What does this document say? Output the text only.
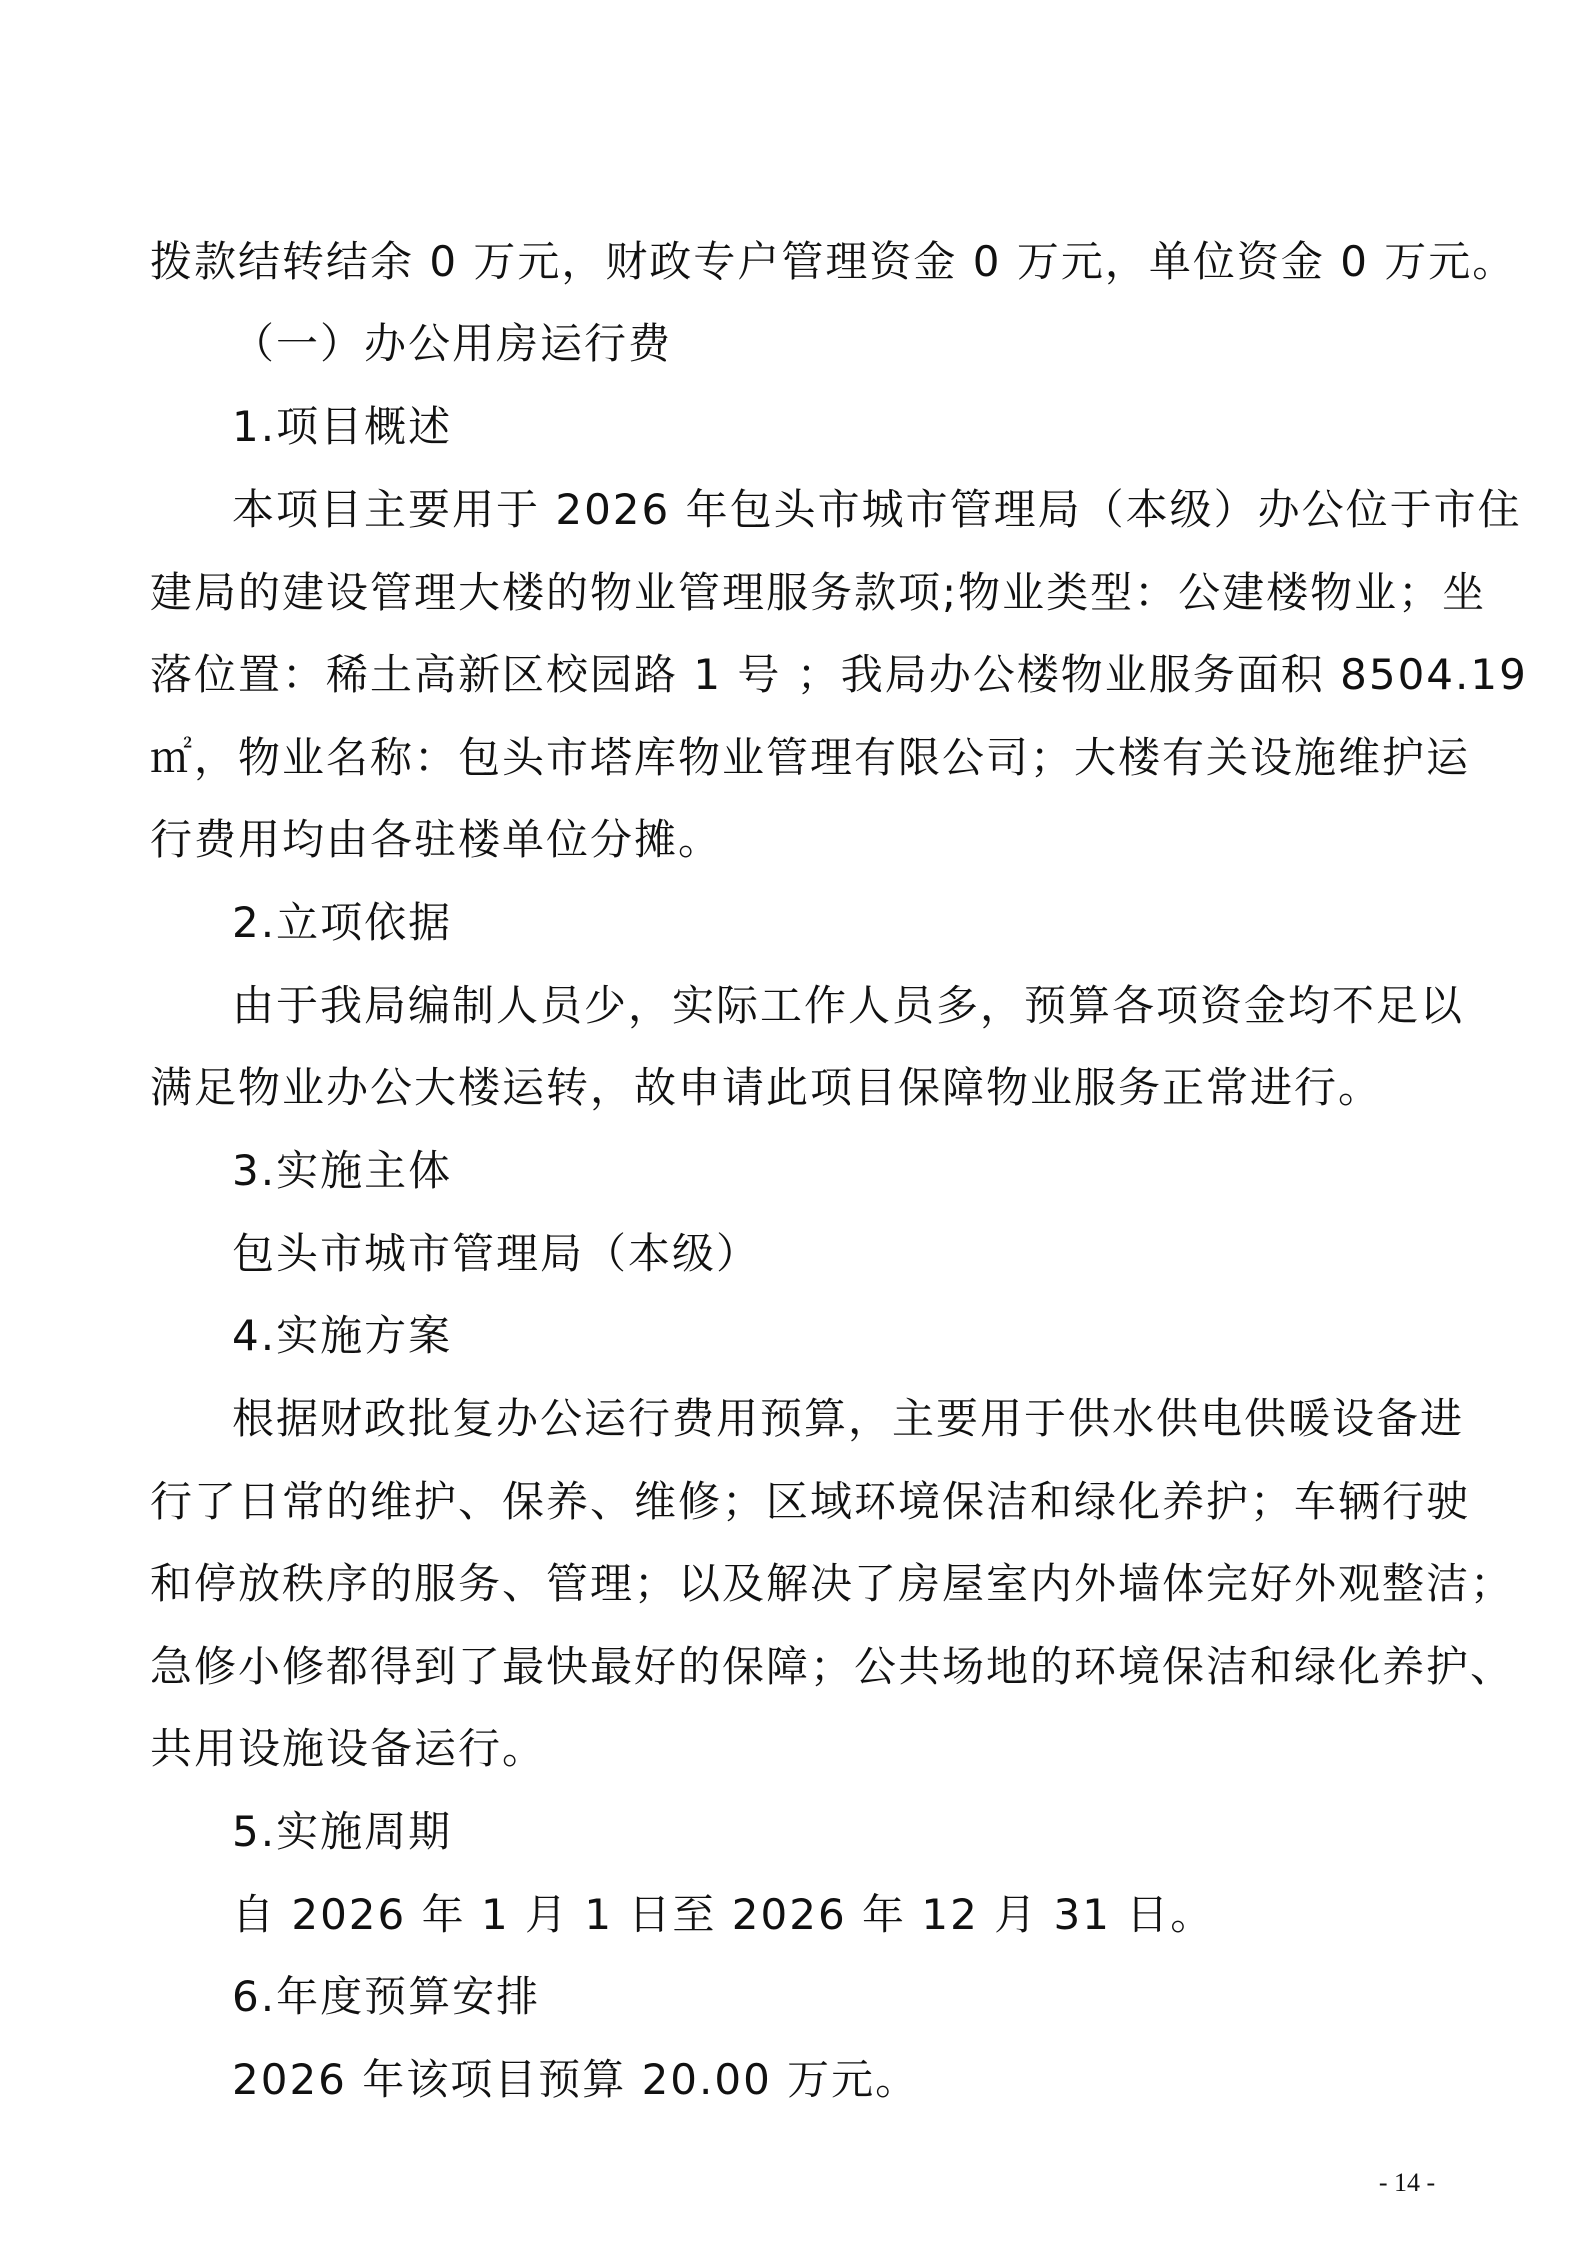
拨款结转结余 0 万元，财政专户管理资金 0 万元，单位资金 0 万元。
（一）办公用房运行费
1.项目概述
本项目主要用于 2026 年包头市城市管理局（本级）办公位于市住
建局的建设管理大楼的物业管理服务款项;物业类型：公建楼物业；坐
落位置：稀土高新区校园路 1 号 ；我局办公楼物业服务面积 8504.19
㎡，物业名称：包头市塔库物业管理有限公司；大楼有关设施维护运
行费用均由各驻楼单位分摊。
2.立项依据
由于我局编制人员少，实际工作人员多，预算各项资金均不足以
满足物业办公大楼运转，故申请此项目保障物业服务正常进行。
3.实施主体
包头市城市管理局（本级）
4.实施方案
根据财政批复办公运行费用预算，主要用于供水供电供暖设备进
行了日常的维护、保养、维修；区域环境保洁和绿化养护；车辆行驶
和停放秩序的服务、管理；以及解决了房屋室内外墙体完好外观整洁；
急修小修都得到了最快最好的保障；公共场地的环境保洁和绿化养护、
共用设施设备运行。
5.实施周期
自 2026 年 1 月 1 日至 2026 年 12 月 31 日。
6.年度预算安排
2026 年该项目预算 20.00 万元。
- 14 -
